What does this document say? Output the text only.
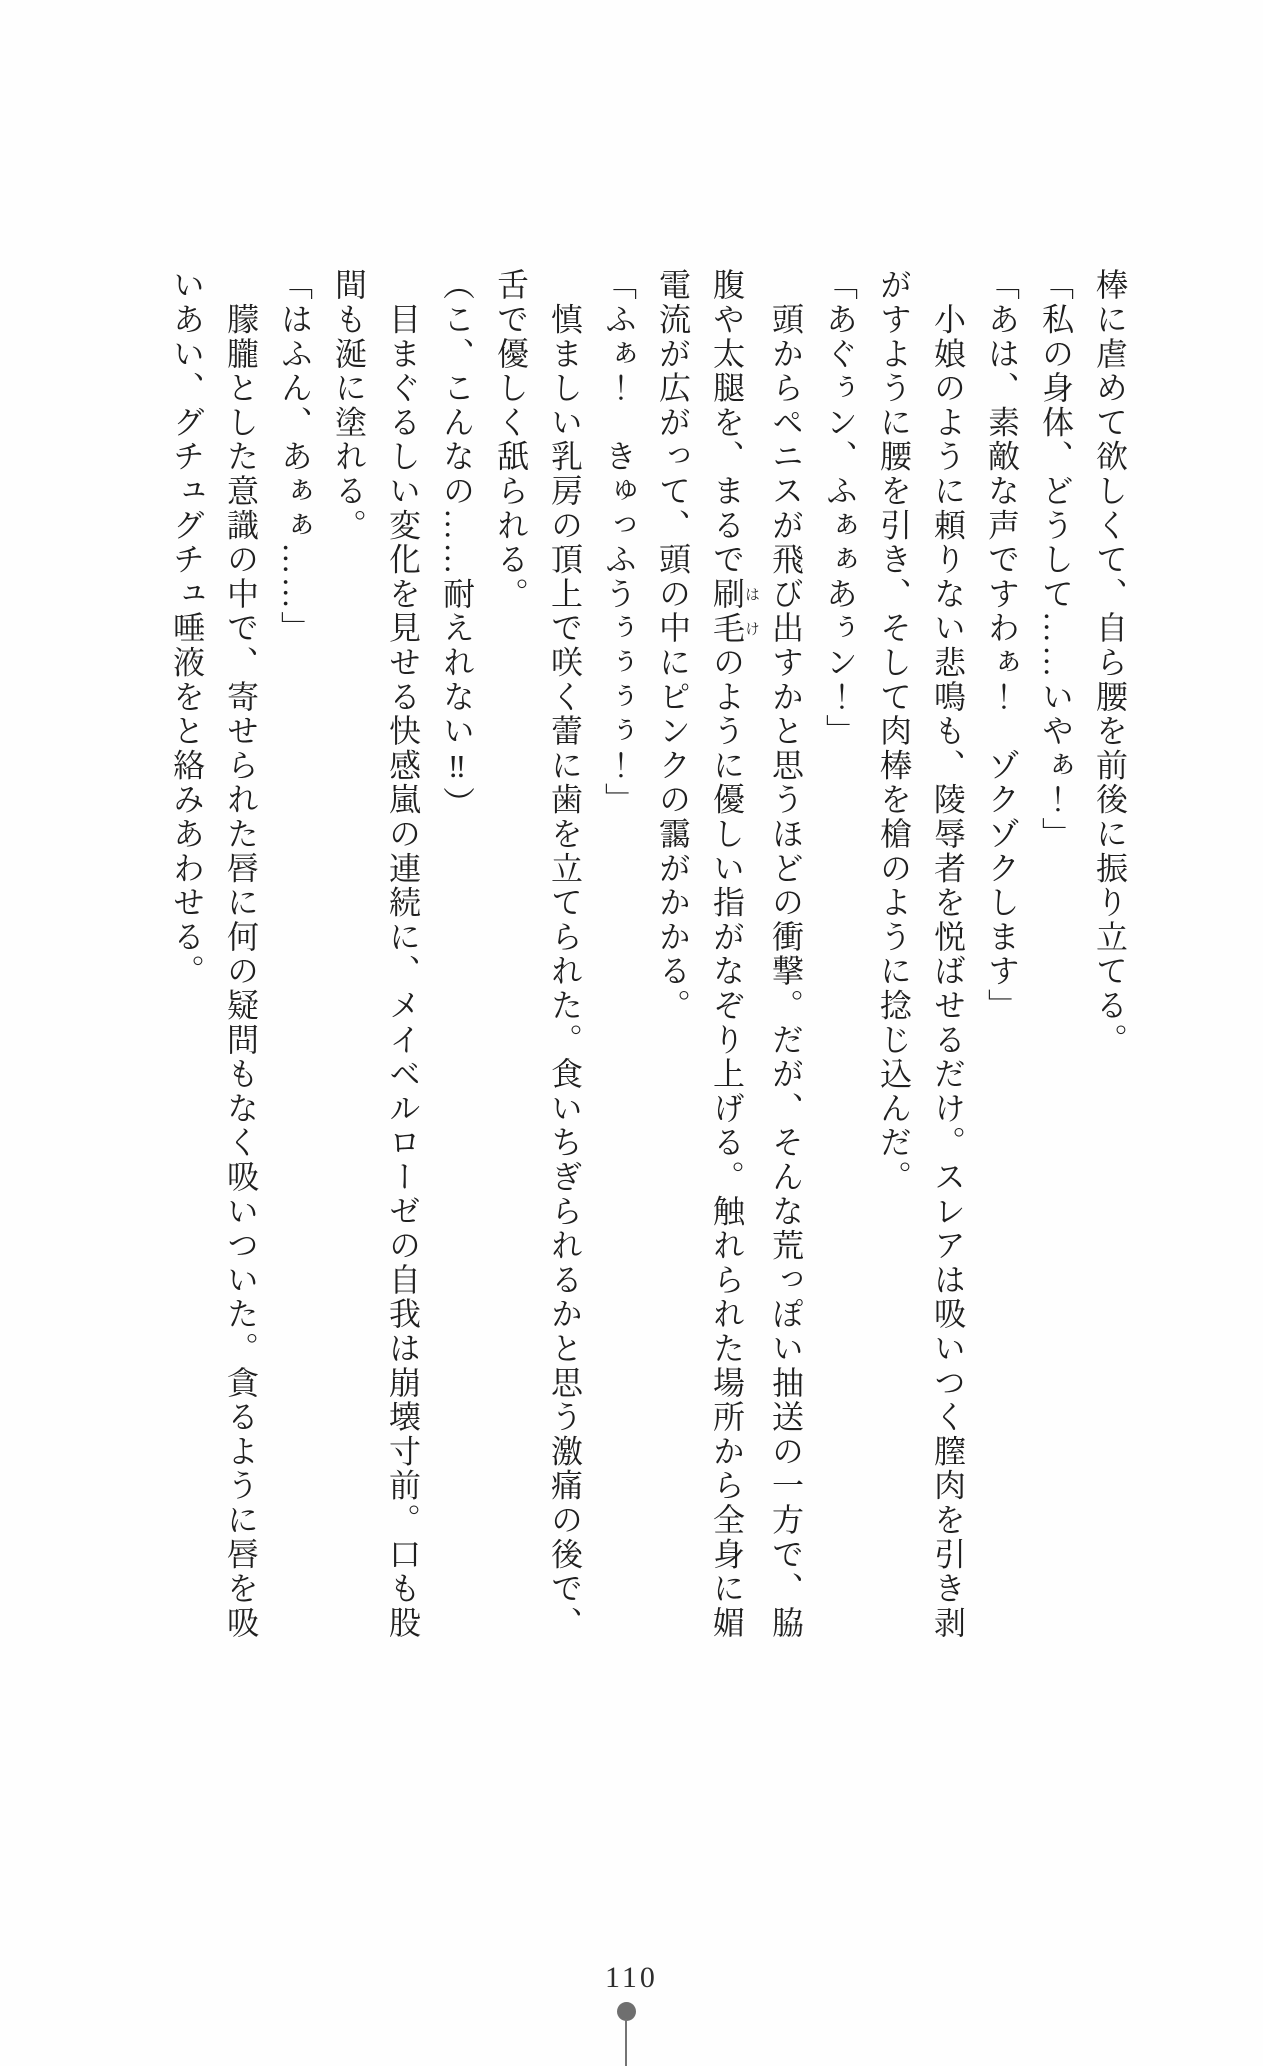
棒に虐めて欲しくて、自ら腰を前後に振り立てる。

「私の身体、どうして……いやぁ！」

「あは、素敵な声ですわぁ！　ゾクゾクします」

　小娘のように頼りない悲鳴も、陵辱者を悦ばせるだけ。スレアは吸いつく膣肉を引き剥

がすように腰を引き、そして肉棒を槍のように捻じ込んだ。

「あぐぅン、ふぁぁあぅン！」

　頭からペニスが飛び出すかと思うほどの衝撃。だが、そんな荒っぽい抽送の一方で、脇

腹や太腿を、まるで刷毛はけのように優しい指がなぞり上げる。触れられた場所から全身に媚

電流が広がって、頭の中にピンクの靄がかかる。

「ふぁ！　きゅっふうぅぅぅぅ！」

　慎ましい乳房の頂上で咲く蕾に歯を立てられた。食いちぎられるかと思う激痛の後で、

舌で優しく舐られる。

（こ、こんなの……耐えれない‼）

　目まぐるしい変化を見せる快感嵐の連続に、メイベルローゼの自我は崩壊寸前。口も股

間も涎に塗れる。

「はふん、あぁぁ……」

　朦朧とした意識の中で、寄せられた唇に何の疑問もなく吸いついた。貪るように唇を吸

いあい、グチュグチュ唾液をと絡みあわせる。

110
